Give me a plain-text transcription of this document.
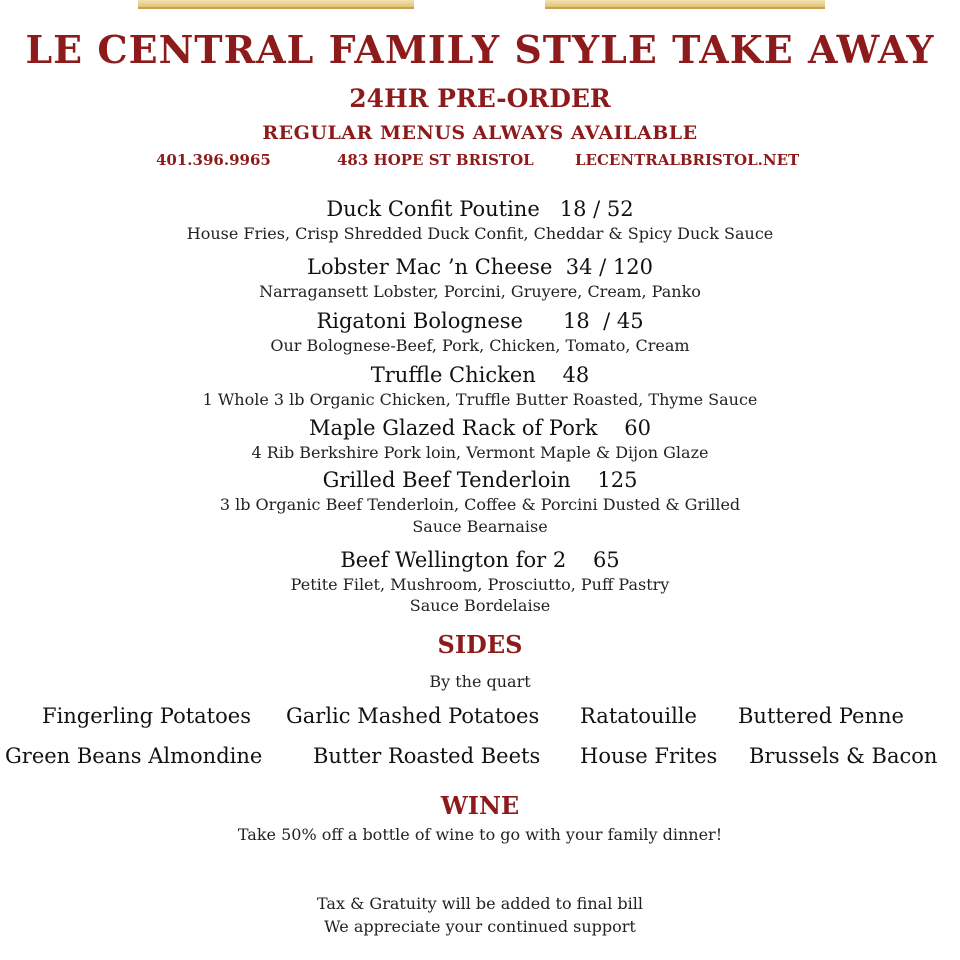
LE CENTRAL FAMILY STYLE TAKE AWAY
24HR PRE-ORDER
REGULAR MENUS ALWAYS AVAILABLE
401.396.9965	483 HOPE ST BRISTOL	LECENTRALBRISTOL.NET
Duck Confit Poutine   18 / 52
House Fries, Crisp Shredded Duck Confit, Cheddar & Spicy Duck Sauce
Lobster Mac ’n Cheese  34 / 120
Narragansett Lobster, Porcini, Gruyere, Cream, Panko
Rigatoni Bolognese      18  / 45
Our Bolognese-Beef, Pork, Chicken, Tomato, Cream
Truffle Chicken    48
1 Whole 3 lb Organic Chicken, Truffle Butter Roasted, Thyme Sauce
Maple Glazed Rack of Pork    60
4 Rib Berkshire Pork loin, Vermont Maple & Dijon Glaze
Grilled Beef Tenderloin    125
3 lb Organic Beef Tenderloin, Coffee & Porcini Dusted & Grilled
Sauce Bearnaise
Beef Wellington for 2    65
Petite Filet, Mushroom, Prosciutto, Puff Pastry
Sauce Bordelaise
SIDES
By the quart
Fingerling Potatoes Garlic Mashed Potatoes Ratatouille Buttered Penne
Green Beans Almondine Butter Roasted Beets House Frites Brussels & Bacon
WINE
Take 50% off a bottle of wine to go with your family dinner!
Tax & Gratuity will be added to final bill
We appreciate your continued support
